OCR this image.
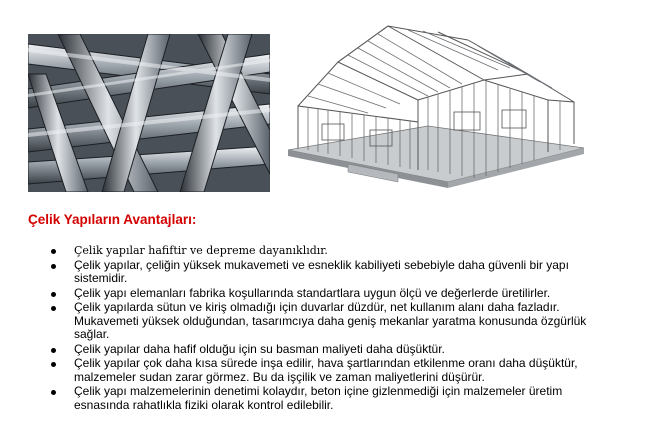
Çelik Yapıların Avantajları:
Çelik yapılar hafiftir ve depreme dayanıklıdır.
Çelik yapılar, çeliğin yüksek mukavemeti ve esneklik kabiliyeti sebebiyle daha güvenli bir yapı sistemidir.
Çelik yapı elemanları fabrika koşullarında standartlara uygun ölçü ve değerlerde üretilirler.
Çelik yapılarda sütun ve kiriş olmadığı için duvarlar düzdür, net kullanım alanı daha fazladır. Mukavemeti yüksek olduğundan, tasarımcıya daha geniş mekanlar yaratma konusunda özgürlük sağlar.
Çelik yapılar daha hafif olduğu için su basman maliyeti daha düşüktür.
Çelik yapılar çok daha kısa sürede inşa edilir, hava şartlarından etkilenme oranı daha düşüktür, malzemeler sudan zarar görmez. Bu da işçilik ve zaman maliyetlerini düşürür.
Çelik yapı malzemelerinin denetimi kolaydır, beton içine gizlenmediği için malzemeler üretim esnasında rahatlıkla fiziki olarak kontrol edilebilir.
